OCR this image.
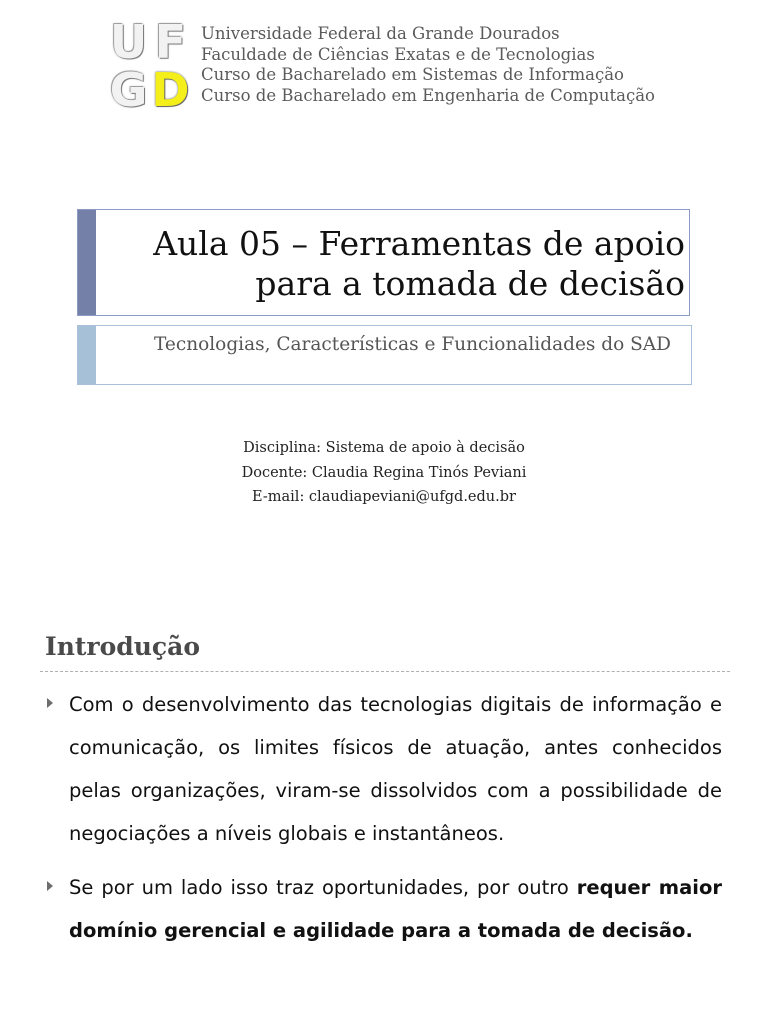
U F
G D
Universidade Federal da Grande Dourados
Faculdade de Ciências Exatas e de Tecnologias
Curso de Bacharelado em Sistemas de Informação
Curso de Bacharelado em Engenharia de Computação
Aula 05 – Ferramentas de apoio
para a tomada de decisão
Tecnologias, Características e Funcionalidades do SAD
Disciplina: Sistema de apoio à decisão
Docente: Claudia Regina Tinós Peviani
E-mail: claudiapeviani@ufgd.edu.br
Introdução
Com o desenvolvimento das tecnologias digitais de informação e comunicação, os limites físicos de atuação, antes conhecidos pelas organizações, viram-se dissolvidos com a possibilidade de negociações a níveis globais e instantâneos.
Se por um lado isso traz oportunidades, por outro requer maior domínio gerencial e agilidade para a tomada de decisão.
